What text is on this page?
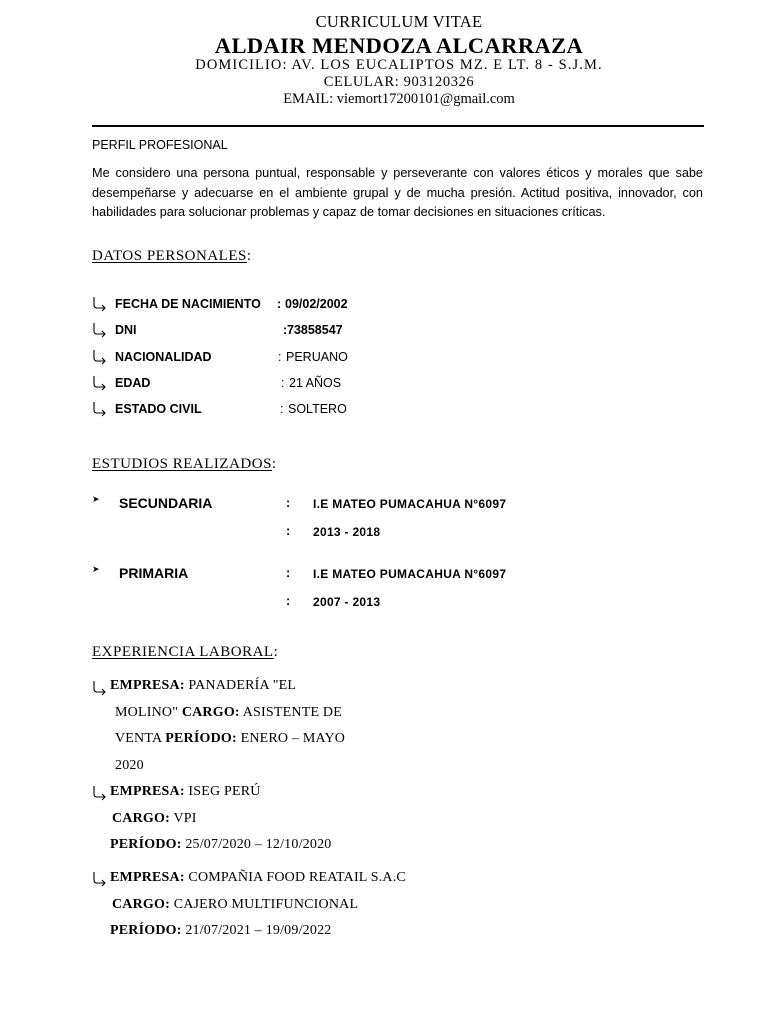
CURRICULUM VITAE
ALDAIR MENDOZA ALCARRAZA
DOMICILIO: AV. LOS EUCALIPTOS MZ. E LT. 8 - S.J.M.
CELULAR: 903120326
EMAIL: viemort17200101@gmail.com
PERFIL PROFESIONAL
Me considero una persona puntual, responsable y perseverante con valores éticos y morales que sabe desempeñarse y adecuarse en el ambiente grupal y de mucha presión. Actitud positiva, innovador, con habilidades para solucionar problemas y capaz de tomar decisiones en situaciones críticas.
DATOS PERSONALES:
FECHA DE NACIMIENTO : 09/02/2002
DNI	: 73858547
NACIONALIDAD	: PERUANO
EDAD	: 21 AÑOS
ESTADO CIVIL	: SOLTERO
ESTUDIOS REALIZADOS:
➤ SECUNDARIA	: I.E MATEO PUMACAHUA N°6097
: 2013 - 2018
➤ PRIMARIA	: I.E MATEO PUMACAHUA N°6097
: 2007 - 2013
EXPERIENCIA LABORAL:
EMPRESA: PANADERÍA "EL
MOLINO" CARGO: ASISTENTE DE
VENTA PERÍODO: ENERO – MAYO
2020
EMPRESA: ISEG PERÚ
CARGO: VPI
PERÍODO: 25/07/2020 – 12/10/2020
EMPRESA: COMPAÑIA FOOD REATAIL S.A.C
CARGO: CAJERO MULTIFUNCIONAL
PERÍODO: 21/07/2021 – 19/09/2022
